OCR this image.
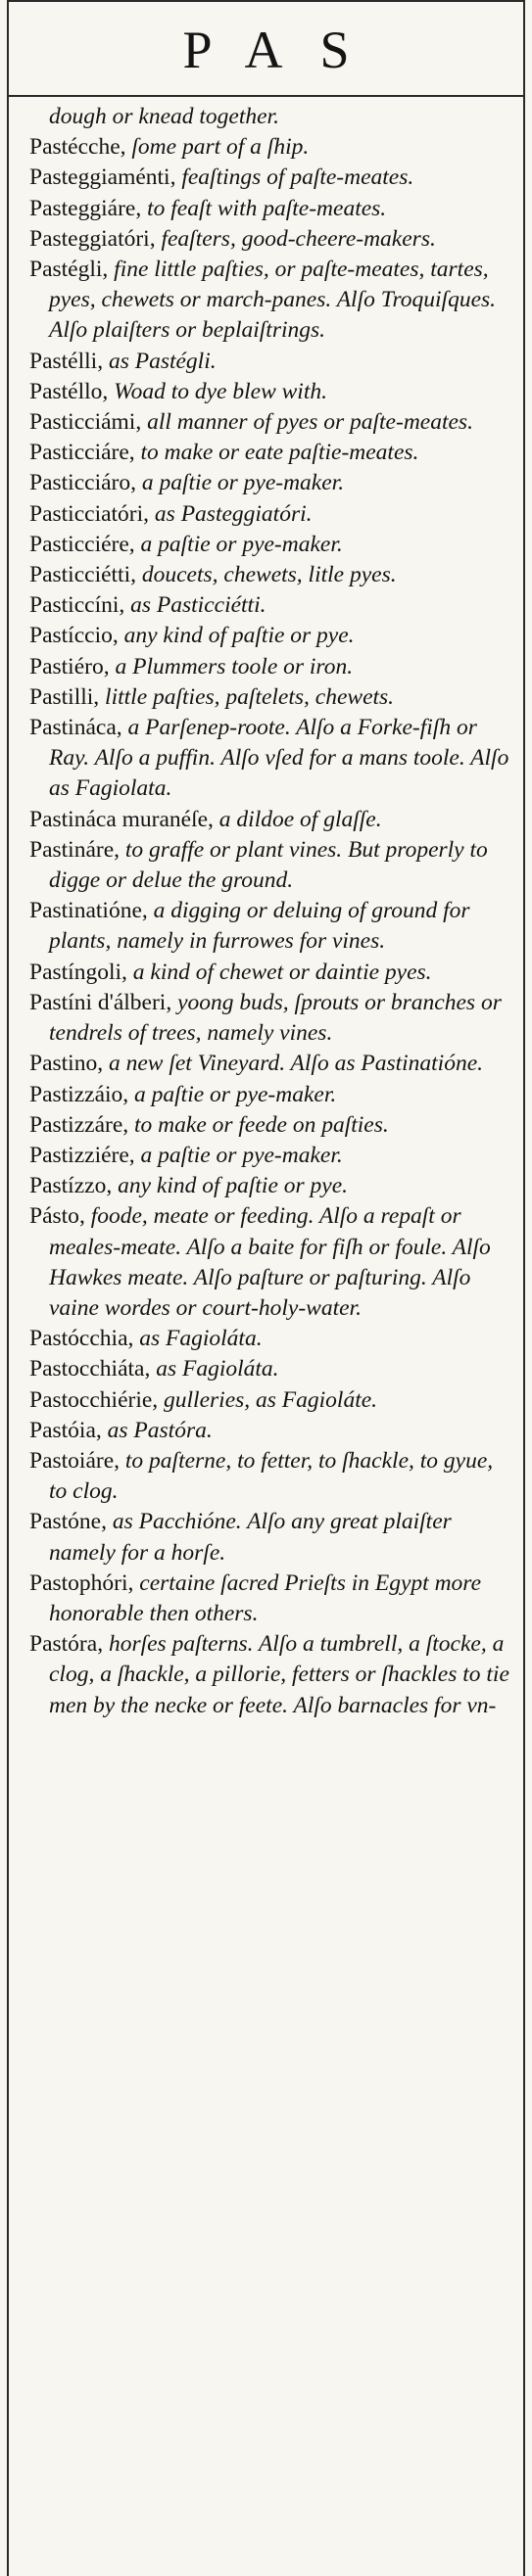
PAS

dough or knead together.

Pastécche, ſome part of a ſhip.

Pasteggiaménti, feaſtings of paſte-meates.

Pasteggiáre, to feaſt with paſte-meates.

Pasteggiatóri, feaſters, good-cheere-makers.

Pastégli, fine little paſties, or paſte-meates, tartes, pyes, chewets or march-panes. Alſo Troquiſques. Alſo plaiſters or beplaiſtrings.

Pastélli, as Pastégli.

Pastéllo, Woad to dye blew with.

Pasticciámi, all manner of pyes or paſte-meates.

Pasticciáre, to make or eate paſtie-meates.

Pasticciáro, a paſtie or pye-maker.

Pasticciatóri, as Pasteggiatóri.

Pasticciére, a paſtie or pye-maker.

Pasticciétti, doucets, chewets, litle pyes.

Pasticcíni, as Pasticciétti.

Pastíccio, any kind of paſtie or pye.

Pastiéro, a Plummers toole or iron.

Pastilli, little paſties, paſtelets, chewets.

Pastináca, a Parſenep-roote. Alſo a Forke-fiſh or Ray. Alſo a puffin. Alſo vſed for a mans toole. Alſo as Fagiolata.

Pastináca muranéſe, a dildoe of glaſſe.

Pastináre, to graffe or plant vines. But properly to digge or delue the ground.

Pastinatióne, a digging or deluing of ground for plants, namely in furrowes for vines.

Pastíngoli, a kind of chewet or daintie pyes.

Pastíni d'álberi, yoong buds, ſprouts or branches or tendrels of trees, namely vines.

Pastino, a new ſet Vineyard. Alſo as Pastinatióne.

Pastizzáio, a paſtie or pye-maker.

Pastizzáre, to make or feede on paſties.

Pastizziére, a paſtie or pye-maker.

Pastízzo, any kind of paſtie or pye.

Pásto, foode, meate or feeding. Alſo a repaſt or meales-meate. Alſo a baite for fiſh or foule. Alſo Hawkes meate. Alſo paſture or paſturing. Alſo vaine wordes or court-holy-water.

Pastócchia, as Fagioláta.

Pastocchiáta, as Fagioláta.

Pastocchiérie, gulleries, as Fagioláte.

Pastóia, as Pastóra.

Pastoiáre, to paſterne, to fetter, to ſhackle, to gyue, to clog.

Pastóne, as Pacchióne. Alſo any great plaiſter namely for a horſe.

Pastophóri, certaine ſacred Prieſts in Egypt more honorable then others.

Pastóra, horſes paſterns. Alſo a tumbrell, a ſtocke, a clog, a ſhackle, a pillorie, fetters or ſhackles to tie men by the necke or feete. Alſo barnacles for vn-
